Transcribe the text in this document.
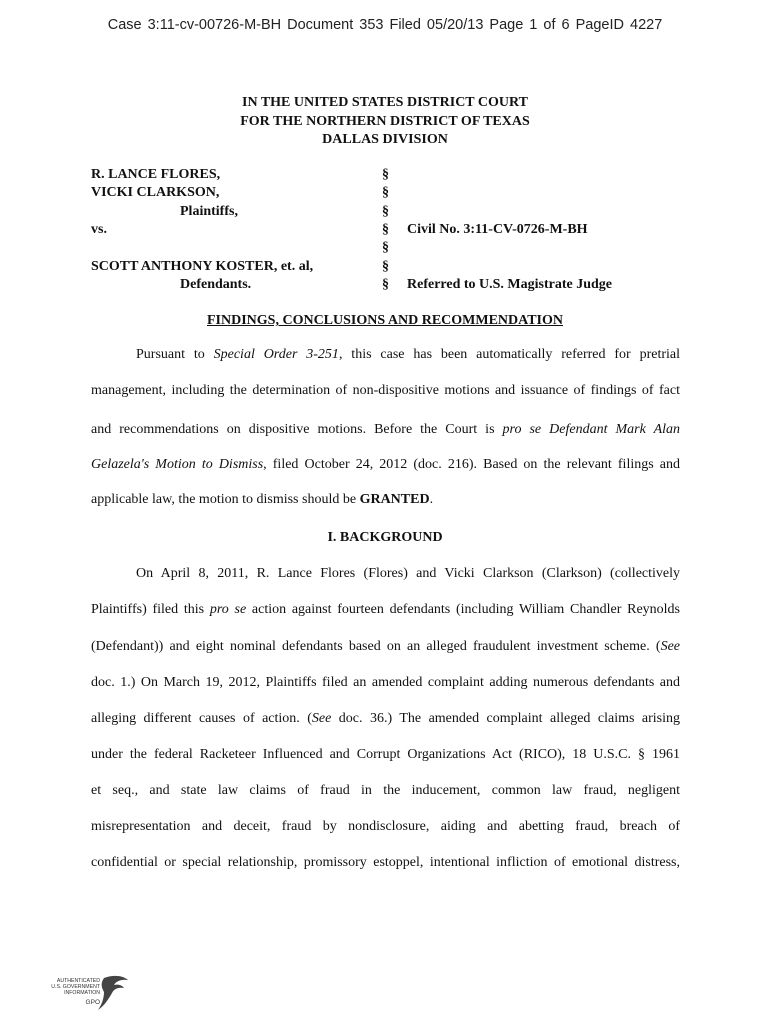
Case 3:11-cv-00726-M-BH Document 353 Filed 05/20/13 Page 1 of 6 PageID 4227
IN THE UNITED STATES DISTRICT COURT
FOR THE NORTHERN DISTRICT OF TEXAS
DALLAS DIVISION
R. LANCE FLORES,
VICKI CLARKSON,
Plaintiffs,
vs.
SCOTT ANTHONY KOSTER, et. al,
Defendants.
§
§
§
§
§
§
§
Civil No. 3:11-CV-0726-M-BH
Referred to U.S. Magistrate Judge
FINDINGS, CONCLUSIONS AND RECOMMENDATION
Pursuant to Special Order 3-251, this case has been automatically referred for pretrial
management, including the determination of non-dispositive motions and issuance of findings of fact
and recommendations on dispositive motions. Before the Court is pro se Defendant Mark Alan
Gelazela's Motion to Dismiss, filed October 24, 2012 (doc. 216). Based on the relevant filings and
applicable law, the motion to dismiss should be GRANTED.
I. BACKGROUND
On April 8, 2011, R. Lance Flores (Flores) and Vicki Clarkson (Clarkson) (collectively
Plaintiffs) filed this pro se action against fourteen defendants (including William Chandler Reynolds
(Defendant)) and eight nominal defendants based on an alleged fraudulent investment scheme. (See
doc. 1.) On March 19, 2012, Plaintiffs filed an amended complaint adding numerous defendants and
alleging different causes of action. (See doc. 36.) The amended complaint alleged claims arising
under the federal Racketeer Influenced and Corrupt Organizations Act (RICO), 18 U.S.C. § 1961
et seq., and state law claims of fraud in the inducement, common law fraud, negligent
misrepresentation and deceit, fraud by nondisclosure, aiding and abetting fraud, breach of
confidential or special relationship, promissory estoppel, intentional infliction of emotional distress,
AUTHENTICATED
U.S. GOVERNMENT
INFORMATION
GPO
